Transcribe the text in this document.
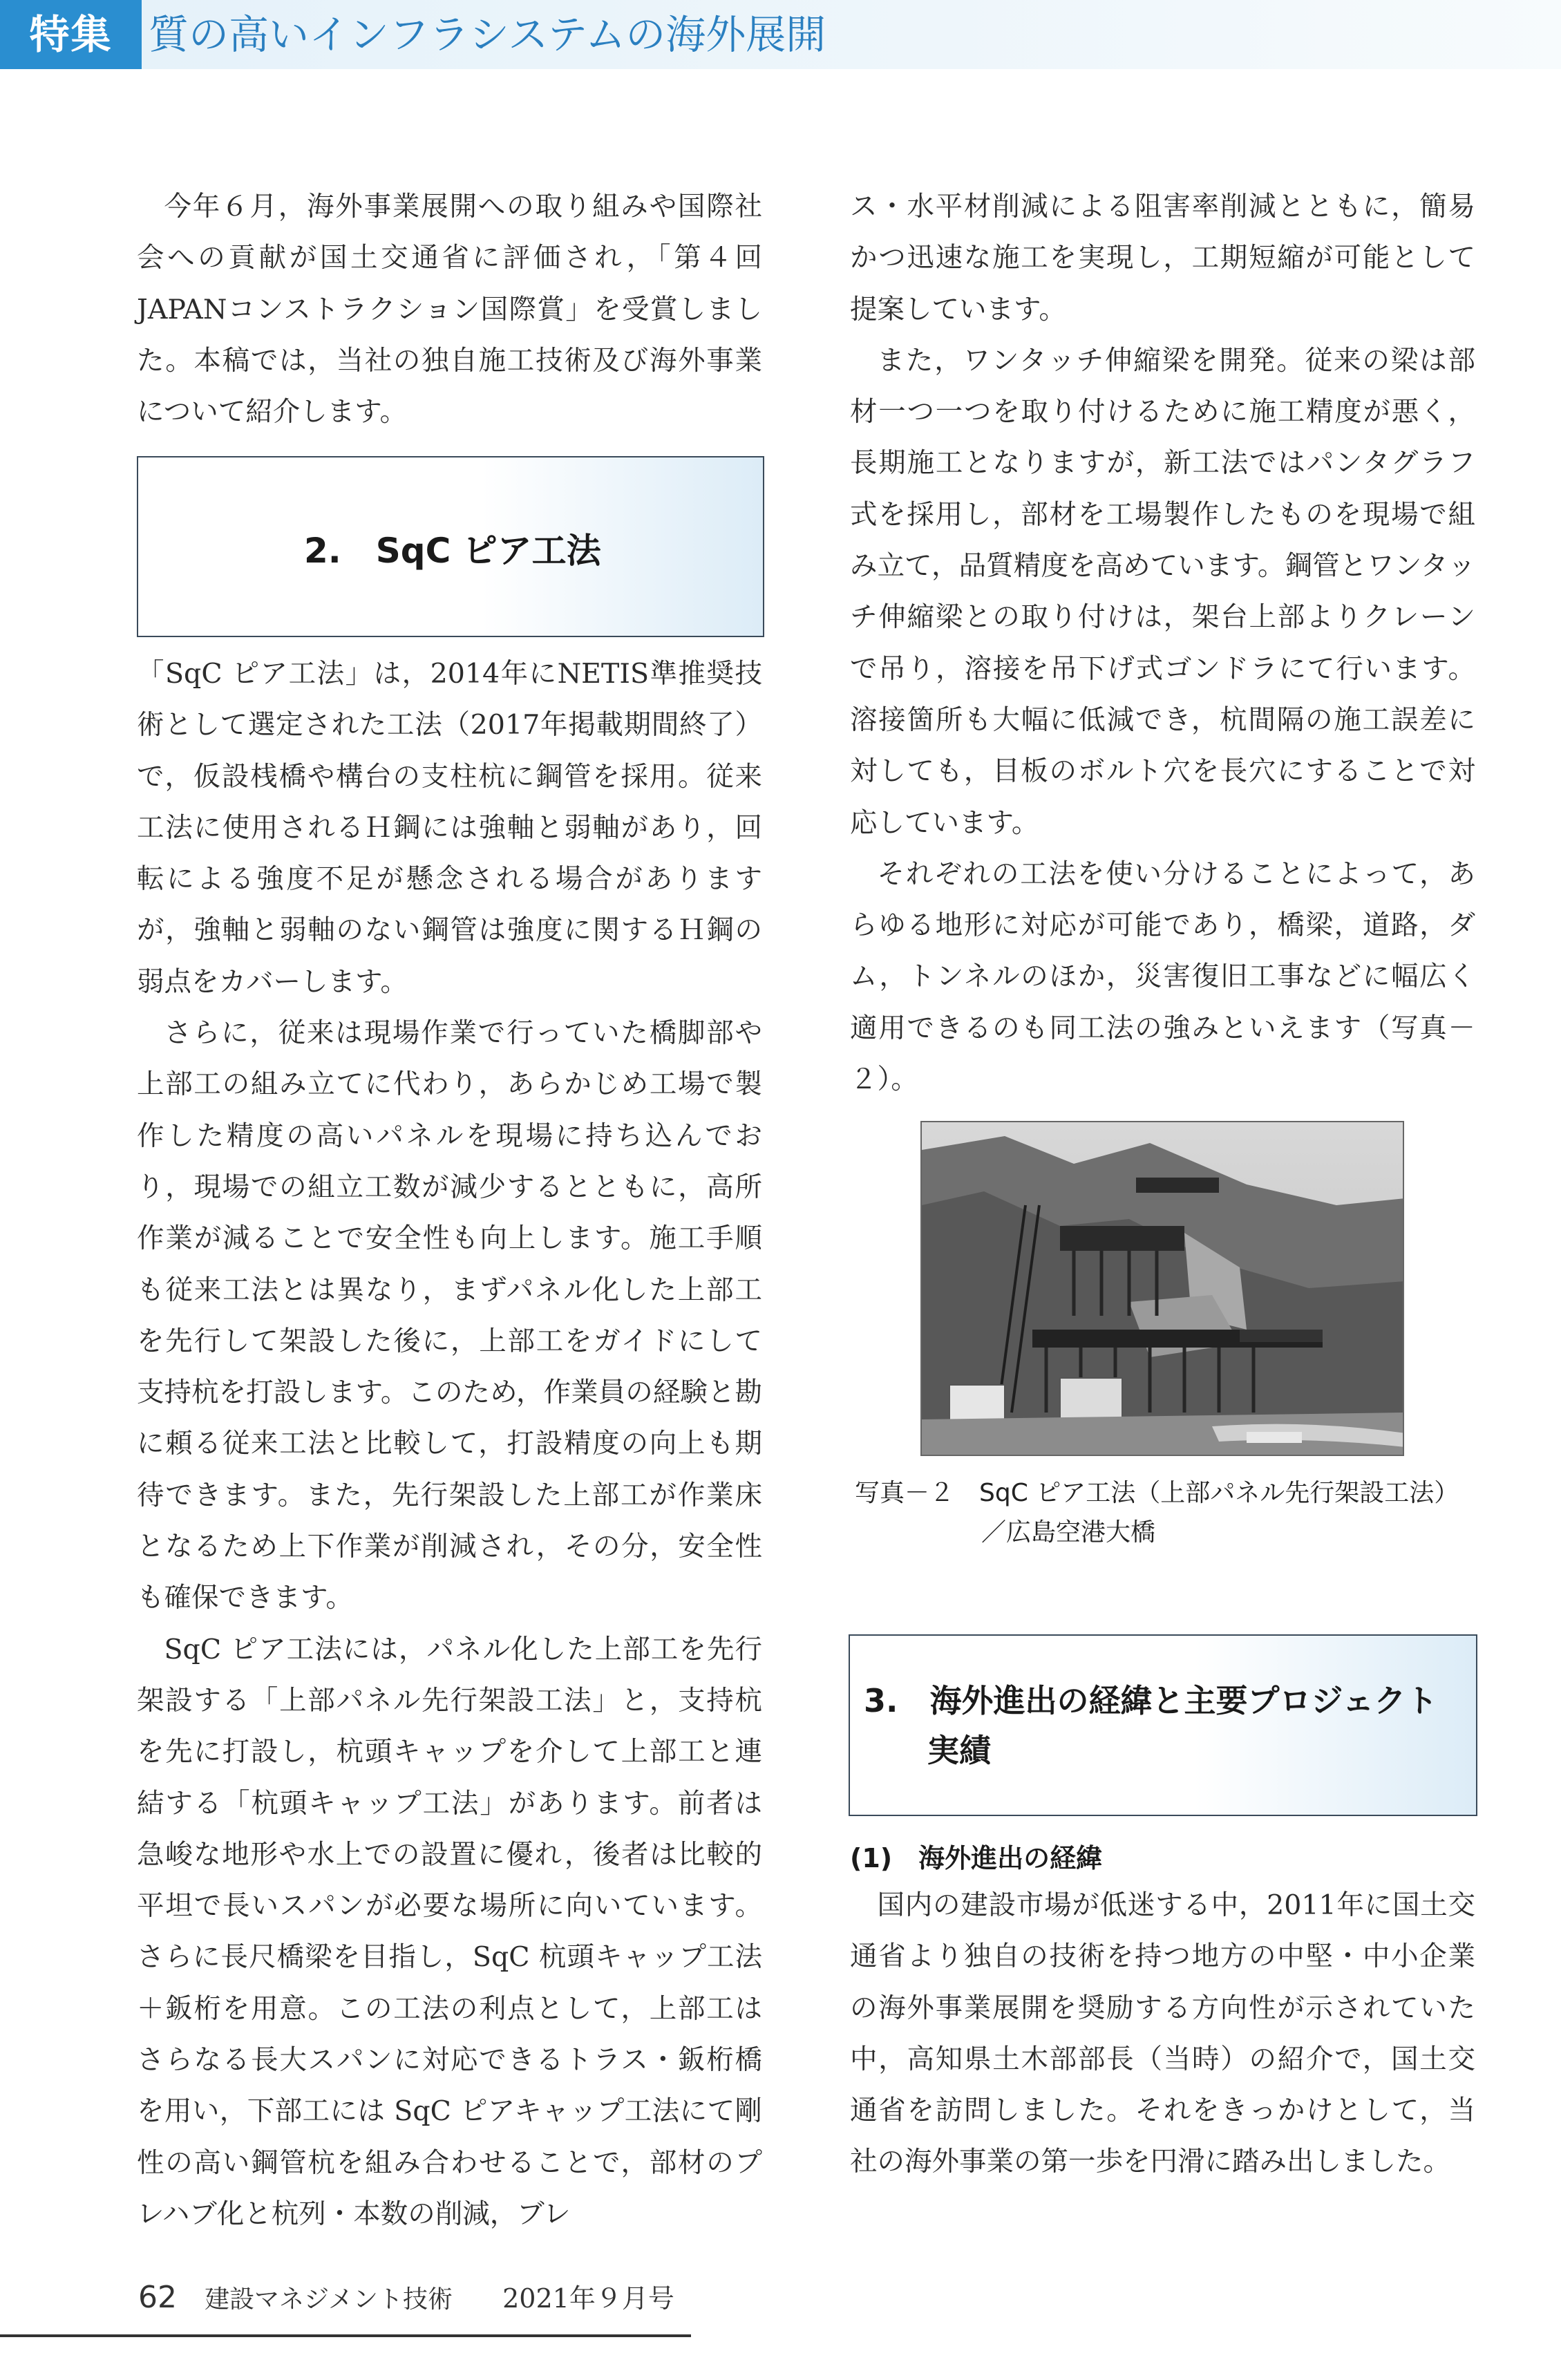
特集 質の高いインフラシステムの海外展開

今年６月，海外事業展開への取り組みや国際社会への貢献が国土交通省に評価され，「第４回JAPANコンストラクション国際賞」を受賞しました。本稿では，当社の独自施工技術及び海外事業について紹介します。

2.　SqC ピア工法

「SqC ピア工法」は，2014年にNETIS準推奨技術として選定された工法（2017年掲載期間終了）で，仮設桟橋や構台の支柱杭に鋼管を採用。従来工法に使用されるＨ鋼には強軸と弱軸があり，回転による強度不足が懸念される場合がありますが，強軸と弱軸のない鋼管は強度に関するＨ鋼の弱点をカバーします。

さらに，従来は現場作業で行っていた橋脚部や上部工の組み立てに代わり，あらかじめ工場で製作した精度の高いパネルを現場に持ち込んでおり，現場での組立工数が減少するとともに，高所作業が減ることで安全性も向上します。施工手順も従来工法とは異なり，まずパネル化した上部工を先行して架設した後に，上部工をガイドにして支持杭を打設します。このため，作業員の経験と勘に頼る従来工法と比較して，打設精度の向上も期待できます。また，先行架設した上部工が作業床となるため上下作業が削減され，その分，安全性も確保できます。

SqC ピア工法には，パネル化した上部工を先行架設する「上部パネル先行架設工法」と，支持杭を先に打設し，杭頭キャップを介して上部工と連結する「杭頭キャップ工法」があります。前者は急峻な地形や水上での設置に優れ，後者は比較的平坦で長いスパンが必要な場所に向いています。さらに長尺橋梁を目指し，SqC 杭頭キャップ工法＋鈑桁を用意。この工法の利点として，上部工はさらなる長大スパンに対応できるトラス・鈑桁橋を用い，下部工には SqC ピアキャップ工法にて剛性の高い鋼管杭を組み合わせることで，部材のプレハブ化と杭列・本数の削減，ブレ

ス・水平材削減による阻害率削減とともに，簡易かつ迅速な施工を実現し，工期短縮が可能として提案しています。

また，ワンタッチ伸縮梁を開発。従来の梁は部材一つ一つを取り付けるために施工精度が悪く，長期施工となりますが，新工法ではパンタグラフ式を採用し，部材を工場製作したものを現場で組み立て，品質精度を高めています。鋼管とワンタッチ伸縮梁との取り付けは，架台上部よりクレーンで吊り，溶接を吊下げ式ゴンドラにて行います。溶接箇所も大幅に低減でき，杭間隔の施工誤差に対しても，目板のボルト穴を長穴にすることで対応しています。

それぞれの工法を使い分けることによって，あらゆる地形に対応が可能であり，橋梁，道路，ダム，トンネルのほか，災害復旧工事などに幅広く適用できるのも同工法の強みといえます（写真－２）。

写真－２　SqC ピア工法（上部パネル先行架設工法）
／広島空港大橋
3.　海外進出の経緯と主要プロジェクト
実績
(1)　海外進出の経緯

国内の建設市場が低迷する中，2011年に国土交通省より独自の技術を持つ地方の中堅・中小企業の海外事業展開を奨励する方向性が示されていた中，高知県土木部部長（当時）の紹介で，国土交通省を訪問しました。それをきっかけとして，当社の海外事業の第一歩を円滑に踏み出しました。

62 建設マネジメント技術 2021年９月号
